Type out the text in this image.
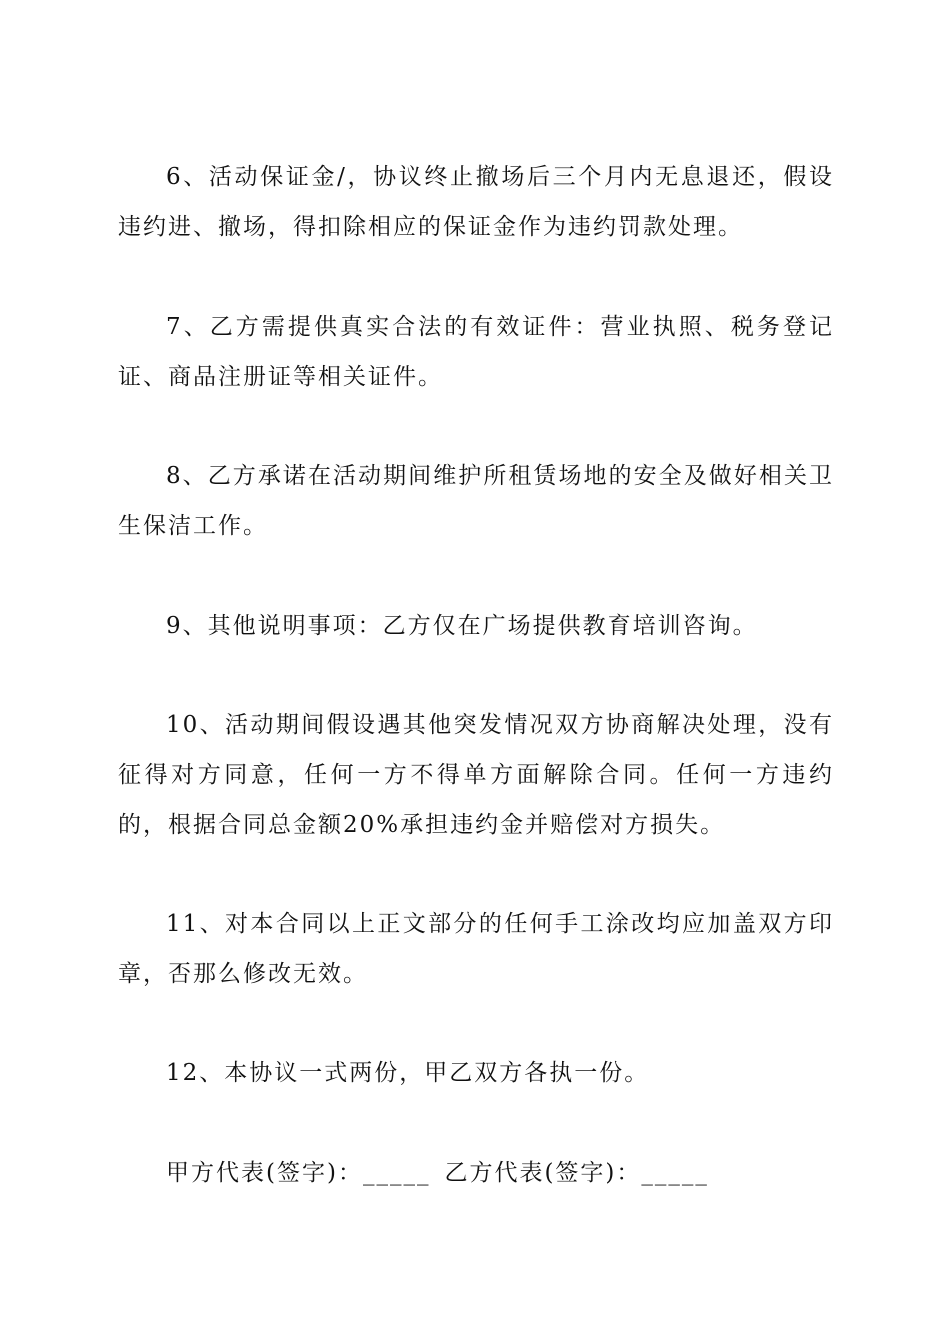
6、活动保证金/，协议终止撤场后三个月内无息退还，假设违约进、撤场，得扣除相应的保证金作为违约罚款处理。

7、乙方需提供真实合法的有效证件：营业执照、税务登记证、商品注册证等相关证件。

8、乙方承诺在活动期间维护所租赁场地的安全及做好相关卫生保洁工作。

9、其他说明事项：乙方仅在广场提供教育培训咨询。

10、活动期间假设遇其他突发情况双方协商解决处理，没有征得对方同意，任何一方不得单方面解除合同。任何一方违约的，根据合同总金额20%承担违约金并赔偿对方损失。

11、对本合同以上正文部分的任何手工涂改均应加盖双方印章，否那么修改无效。

12、本协议一式两份，甲乙双方各执一份。

甲方代表(签字)：_____ 乙方代表(签字)：_____
